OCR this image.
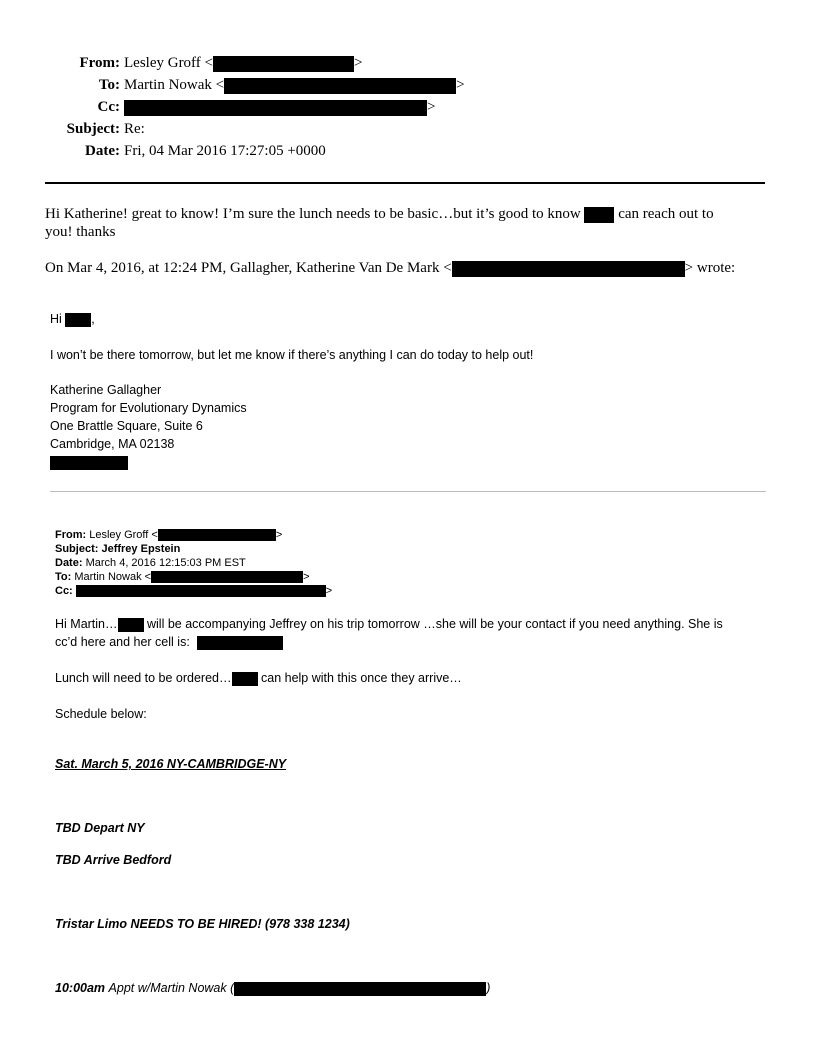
From: Lesley Groff <	>
To: Martin Nowak <	>
Cc:	>
Subject: Re:
Date: Fri, 04 Mar 2016 17:27:05 +0000
Hi Katherine! great to know! I’m sure the lunch needs to be basic…but it’s good to know	can reach out to
you! thanks
On Mar 4, 2016, at 12:24 PM, Gallagher, Katherine Van De Mark <	> wrote:
Hi ,
I won’t be there tomorrow, but let me know if there’s anything I can do today to help out!
Katherine Gallagher
Program for Evolutionary Dynamics
One Brattle Square, Suite 6
Cambridge, MA 02138
From: Lesley Groff <	>
Subject: Jeffrey Epstein
Date: March 4, 2016 12:15:03 PM EST
To: Martin Nowak <	>
Cc:	>
Hi Martin… will be accompanying Jeffrey on his trip tomorrow …she will be your contact if you need anything. She is
cc’d here and her cell is:
Lunch will need to be ordered… can help with this once they arrive…
Schedule below:
Sat. March 5, 2016 NY-CAMBRIDGE-NY
TBD Depart NY
TBD Arrive Bedford
Tristar Limo NEEDS TO BE HIRED! (978 338 1234)
10:00am Appt w/Martin Nowak (	)
